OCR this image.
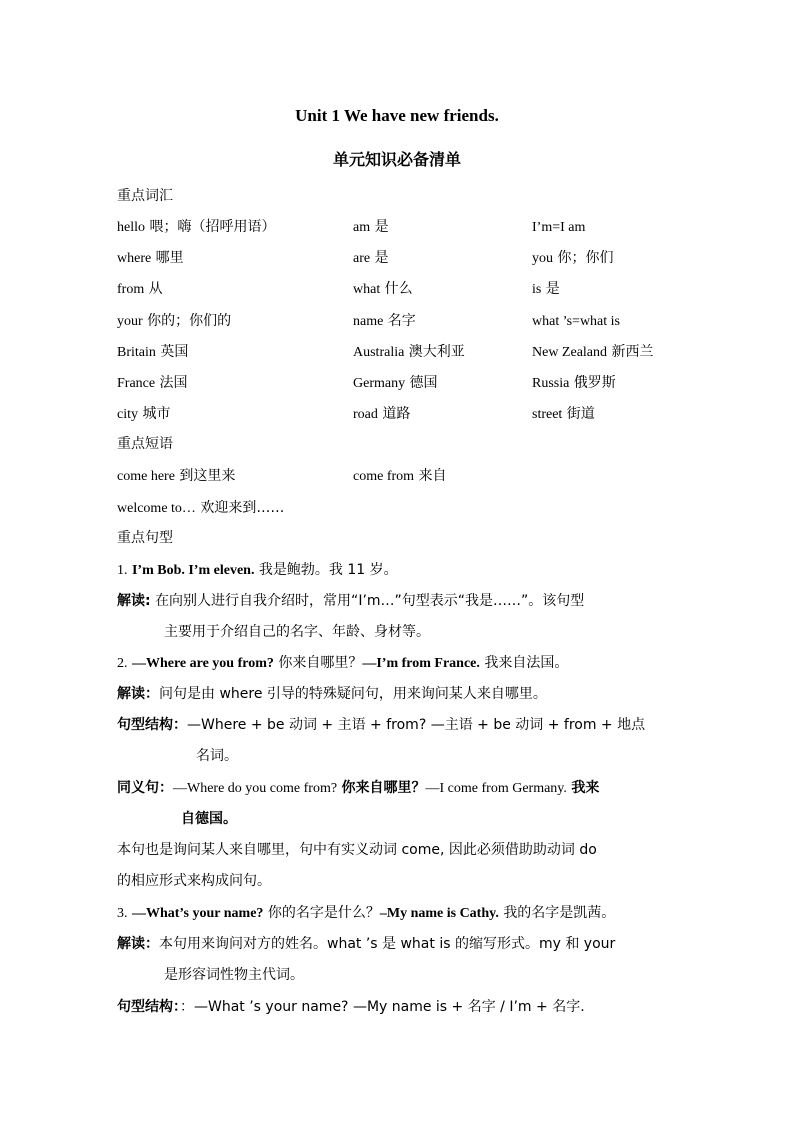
Unit 1 We have new friends.
单元知识必备清单
重点词汇
hello 喂；嗨（招呼用语）	am 是	I’m=I am
where 哪里	are 是	you 你；你们
from 从	what 什么	is 是
your 你的；你们的	name 名字	what ’s=what is
Britain 英国	Australia 澳大利亚	New Zealand 新西兰
France 法国	Germany 德国	Russia 俄罗斯
city 城市	road 道路	street 街道
重点短语
come here 到这里来	come from 来自
welcome to… 欢迎来到……
重点句型
1. I’m Bob. I’m eleven. 我是鲍勃。我 11 岁。
解读: 在向别人进行自我介绍时，常用“I’m…”句型表示“我是……”。该句型
主要用于介绍自己的名字、年龄、身材等。
2. —Where are you from? 你来自哪里？—I’m from France. 我来自法国。
解读：问句是由 where 引导的特殊疑问句，用来询问某人来自哪里。
句型结构：—Where + be 动词 + 主语 + from? —主语 + be 动词 + from + 地点
名词。
同义句：—Where do you come from? 你来自哪里？—I come from Germany. 我来
自德国。
本句也是询问某人来自哪里，句中有实义动词 come, 因此必须借助助动词 do
的相应形式来构成问句。
3. —What’s your name? 你的名字是什么？–My name is Cathy. 我的名字是凯茜。
解读：本句用来询问对方的姓名。what ’s 是 what is 的缩写形式。my 和 your
是形容词性物主代词。
句型结构：：—What ’s your name? —My name is + 名字 / I’m + 名字.
